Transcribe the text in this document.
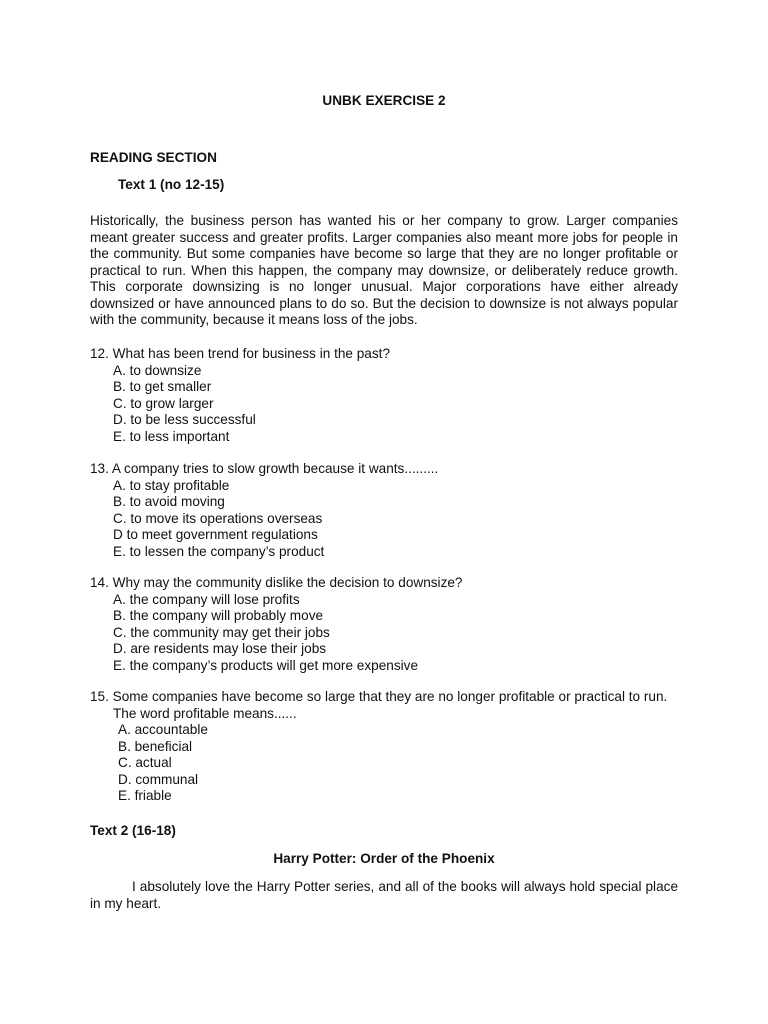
UNBK EXERCISE 2
READING SECTION
Text 1 (no 12-15)
Historically, the business person has wanted his or her company to grow. Larger companies meant greater success and greater profits. Larger companies also meant more jobs for people in the community. But some companies have become so large that they are no longer profitable or practical to run. When this happen, the company may downsize, or deliberately reduce growth. This corporate downsizing is no longer unusual. Major corporations have either already downsized or have announced plans to do so. But the decision to downsize is not always popular with the community, because it means loss of the jobs.
12. What has been trend for business in the past?
A. to downsize
B. to get smaller
C. to grow larger
D. to be less successful
E. to less important
13. A company tries to slow growth because it wants.........
A. to stay profitable
B. to avoid moving
C. to move its operations overseas
D to meet government regulations
E. to lessen the company’s product
14. Why may the community dislike the decision to downsize?
A. the company will lose profits
B. the company will probably move
C. the community may get their jobs
D. are residents may lose their jobs
E. the company’s products will get more expensive
15. Some companies have become so large that they are no longer profitable or practical to run.
The word profitable means......
A. accountable
B. beneficial
C. actual
D. communal
E. friable
Text 2 (16-18)
Harry Potter: Order of the Phoenix
I absolutely love the Harry Potter series, and all of the books will always hold special place in my heart.
